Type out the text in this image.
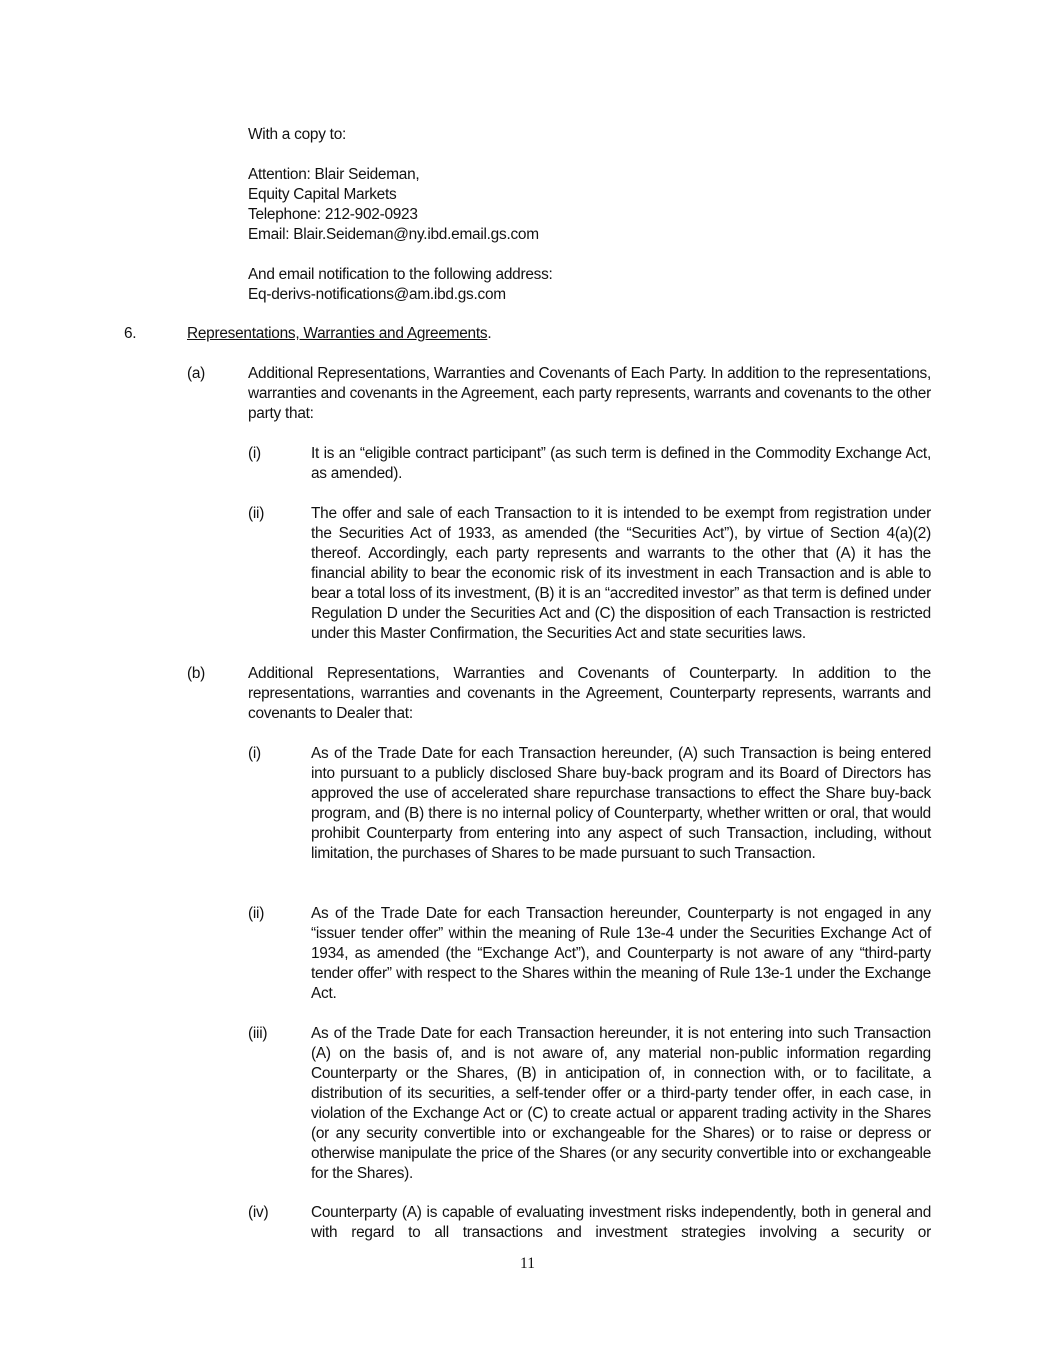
With a copy to:
Attention: Blair Seideman,
Equity Capital Markets
Telephone: 212-902-0923
Email: Blair.Seideman@ny.ibd.email.gs.com
And email notification to the following address:
Eq-derivs-notifications@am.ibd.gs.com
6.	Representations, Warranties and Agreements.
(a)	Additional Representations, Warranties and Covenants of Each Party. In addition to the representations, warranties and covenants in the Agreement, each party represents, warrants and covenants to the other party that:
(i)	It is an “eligible contract participant” (as such term is defined in the Commodity Exchange Act, as amended).
(ii)	The offer and sale of each Transaction to it is intended to be exempt from registration under the Securities Act of 1933, as amended (the “Securities Act”), by virtue of Section 4(a)(2) thereof. Accordingly, each party represents and warrants to the other that (A) it has the financial ability to bear the economic risk of its investment in each Transaction and is able to bear a total loss of its investment, (B) it is an “accredited investor” as that term is defined under Regulation D under the Securities Act and (C) the disposition of each Transaction is restricted under this Master Confirmation, the Securities Act and state securities laws.
(b)	Additional Representations, Warranties and Covenants of Counterparty. In addition to the representations, warranties and covenants in the Agreement, Counterparty represents, warrants and covenants to Dealer that:
(i)	As of the Trade Date for each Transaction hereunder, (A) such Transaction is being entered into pursuant to a publicly disclosed Share buy-back program and its Board of Directors has approved the use of accelerated share repurchase transactions to effect the Share buy-back program, and (B) there is no internal policy of Counterparty, whether written or oral, that would prohibit Counterparty from entering into any aspect of such Transaction, including, without limitation, the purchases of Shares to be made pursuant to such Transaction.
(ii)	As of the Trade Date for each Transaction hereunder, Counterparty is not engaged in any “issuer tender offer” within the meaning of Rule 13e-4 under the Securities Exchange Act of 1934, as amended (the “Exchange Act”), and Counterparty is not aware of any “third-party tender offer” with respect to the Shares within the meaning of Rule 13e-1 under the Exchange Act.
(iii)	As of the Trade Date for each Transaction hereunder, it is not entering into such Transaction (A) on the basis of, and is not aware of, any material non-public information regarding Counterparty or the Shares, (B) in anticipation of, in connection with, or to facilitate, a distribution of its securities, a self-tender offer or a third-party tender offer, in each case, in violation of the Exchange Act or (C) to create actual or apparent trading activity in the Shares (or any security convertible into or exchangeable for the Shares) or to raise or depress or otherwise manipulate the price of the Shares (or any security convertible into or exchangeable for the Shares).
(iv)	Counterparty (A) is capable of evaluating investment risks independently, both in general and with regard to all transactions and investment strategies involving a security or
11
